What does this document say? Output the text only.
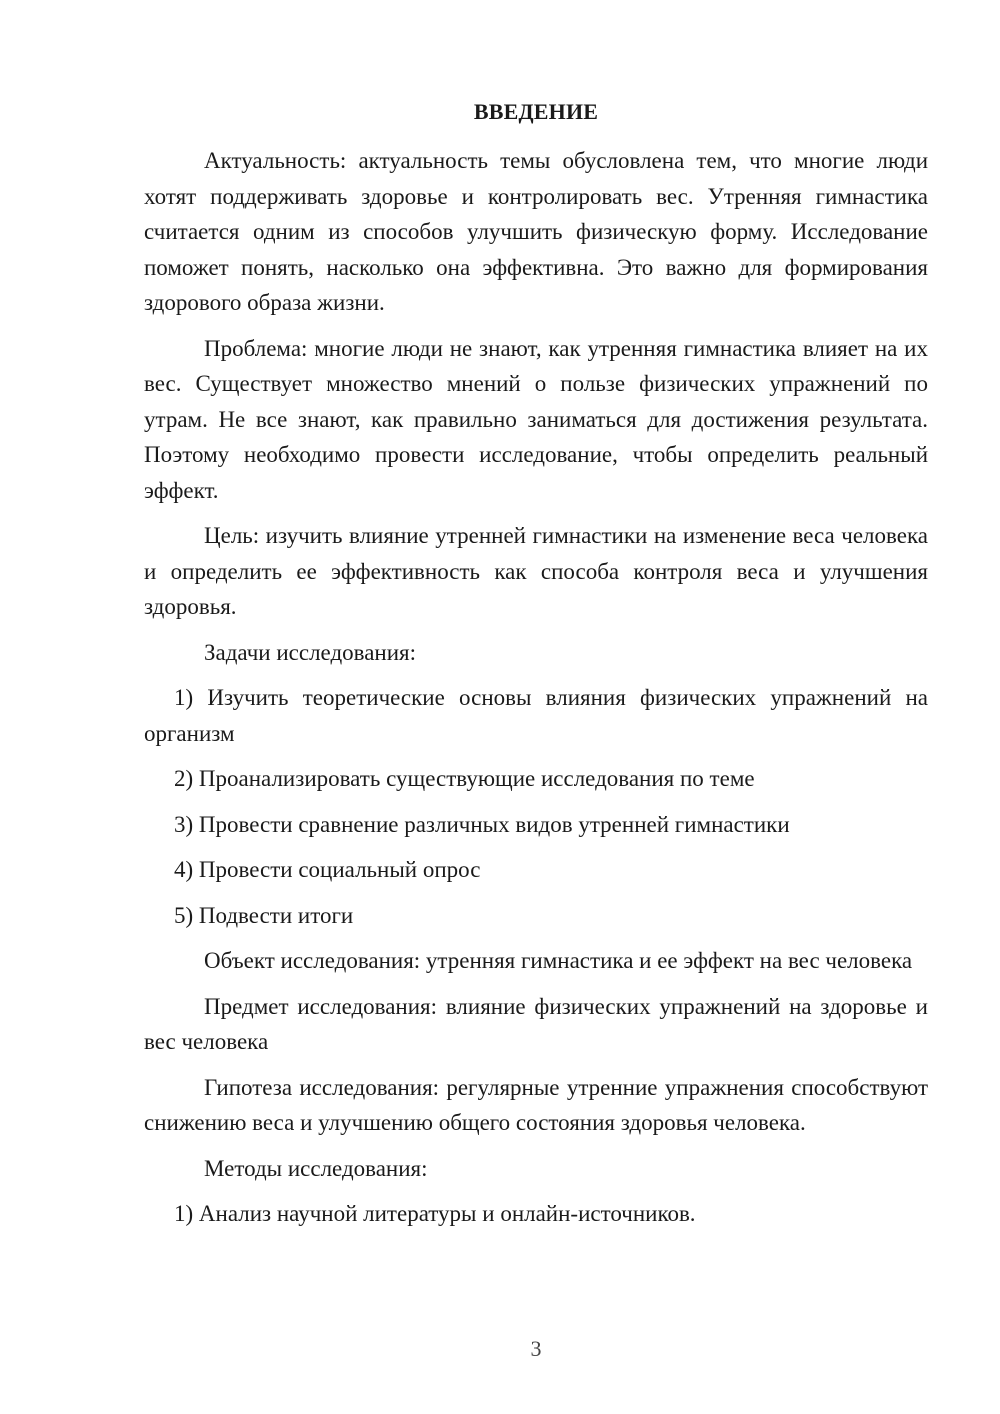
ВВЕДЕНИЕ

Актуальность: актуальность темы обусловлена тем, что многие люди хотят поддерживать здоровье и контролировать вес. Утренняя гимнастика считается одним из способов улучшить физическую форму. Исследование поможет понять, насколько она эффективна. Это важно для формирования здорового образа жизни.

Проблема: многие люди не знают, как утренняя гимнастика влияет на их вес. Существует множество мнений о пользе физических упражнений по утрам. Не все знают, как правильно заниматься для достижения результата. Поэтому необходимо провести исследование, чтобы определить реальный эффект.

Цель: изучить влияние утренней гимнастики на изменение веса человека и определить ее эффективность как способа контроля веса и улучшения здоровья.

Задачи исследования:

1) Изучить теоретические основы влияния физических упражнений на организм

2) Проанализировать существующие исследования по теме

3) Провести сравнение различных видов утренней гимнастики

4) Провести социальный опрос

5) Подвести итоги

Объект исследования: утренняя гимнастика и ее эффект на вес человека

Предмет исследования: влияние физических упражнений на здоровье и вес человека

Гипотеза исследования: регулярные утренние упражнения способствуют снижению веса и улучшению общего состояния здоровья человека.

Методы исследования:

1) Анализ научной литературы и онлайн-источников.

3
